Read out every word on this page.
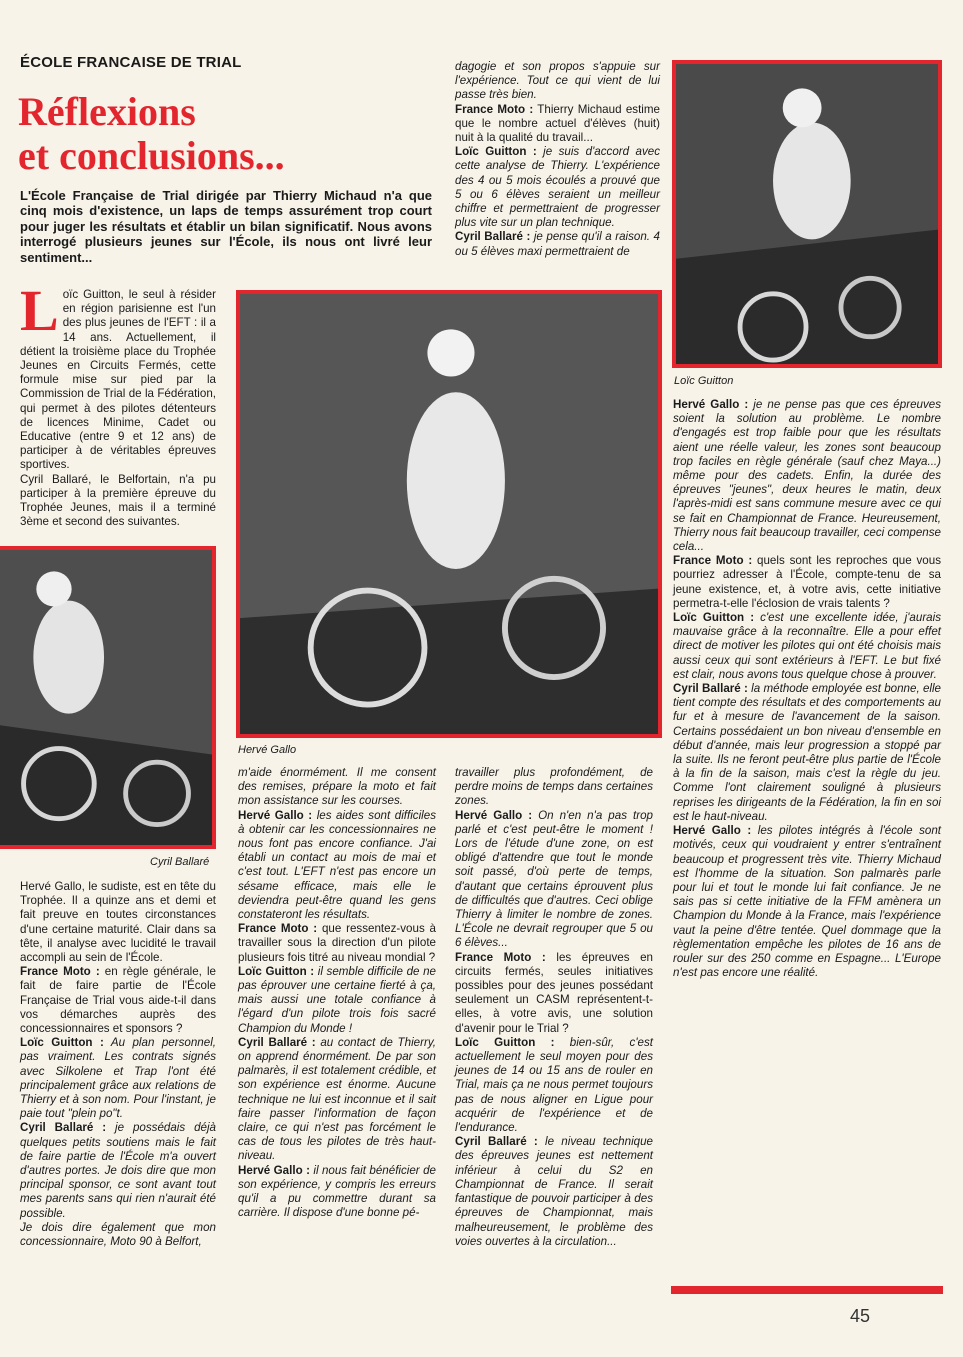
ÉCOLE FRANCAISE DE TRIAL
Réflexions
et conclusions...
L'École Française de Trial dirigée par Thierry Michaud n'a que cinq mois d'existence, un laps de temps assurément trop court pour juger les résultats et établir un bilan significatif. Nous avons interrogé plusieurs jeunes sur l'École, ils nous ont livré leur sentiment...
Loïc Guitton
Hervé Gallo
Cyril Ballaré

Loïc Guitton, le seul à résider en région parisienne est l'un des plus jeunes de l'EFT : il a 14 ans. Actuellement, il détient la troisième place du Trophée Jeunes en Circuits Fermés, cette formule mise sur pied par la Commission de Trial de la Fédération, qui permet à des pilotes détenteurs de licences Minime, Cadet ou Educative (entre 9 et 12 ans) de participer à de véritables épreuves sportives.

Cyril Ballaré, le Belfortain, n'a pu participer à la première épreuve du Trophée Jeunes, mais il a terminé 3ème et second des suivantes.

Hervé Gallo, le sudiste, est en tête du Trophée. Il a quinze ans et demi et fait preuve en toutes circonstances d'une certaine maturité. Clair dans sa tête, il analyse avec lucidité le travail accompli au sein de l'École.

France Moto : en règle générale, le fait de faire partie de l'École Française de Trial vous aide-t-il dans vos démarches auprès des concessionnaires et sponsors ?

Loïc Guitton : Au plan personnel, pas vraiment. Les contrats signés avec Silkolene et Trap l'ont été principalement grâce aux relations de Thierry et à son nom. Pour l'instant, je paie tout "plein po"t.

Cyril Ballaré : je possédais déjà quelques petits soutiens mais le fait de faire partie de l'École m'a ouvert d'autres portes. Je dois dire que mon principal sponsor, ce sont avant tout mes parents sans qui rien n'aurait été possible.

Je dois dire également que mon concessionnaire, Moto 90 à Belfort,

m'aide énormément. Il me consent des remises, prépare la moto et fait mon assistance sur les courses.

Hervé Gallo : les aides sont difficiles à obtenir car les concessionnaires ne nous font pas encore confiance. J'ai établi un contact au mois de mai et c'est tout. L'EFT n'est pas encore un sésame efficace, mais elle le deviendra peut-être quand les gens constateront les résultats.

France Moto : que ressentez-vous à travailler sous la direction d'un pilote plusieurs fois titré au niveau mondial ?

Loïc Guitton : il semble difficile de ne pas éprouver une certaine fierté à ça, mais aussi une totale confiance à l'égard d'un pilote trois fois sacré Champion du Monde !

Cyril Ballaré : au contact de Thierry, on apprend énormément. De par son palmarès, il est totalement crédible, et son expérience est énorme. Aucune technique ne lui est inconnue et il sait faire passer l'information de façon claire, ce qui n'est pas forcément le cas de tous les pilotes de très haut-niveau.

Hervé Gallo : il nous fait bénéficier de son expérience, y compris les erreurs qu'il a pu commettre durant sa carrière. Il dispose d'une bonne pé-

dagogie et son propos s'appuie sur l'expérience. Tout ce qui vient de lui passe très bien.

France Moto : Thierry Michaud estime que le nombre actuel d'élèves (huit) nuit à la qualité du travail...

Loïc Guitton : je suis d'accord avec cette analyse de Thierry. L'expérience des 4 ou 5 mois écoulés a prouvé que 5 ou 6 élèves seraient un meilleur chiffre et permettraient de progresser plus vite sur un plan technique.

Cyril Ballaré : je pense qu'il a raison. 4 ou 5 élèves maxi permettraient de

travailler plus profondément, de perdre moins de temps dans certaines zones.

Hervé Gallo : On n'en n'a pas trop parlé et c'est peut-être le moment ! Lors de l'étude d'une zone, on est obligé d'attendre que tout le monde soit passé, d'où perte de temps, d'autant que certains éprouvent plus de difficultés que d'autres. Ceci oblige Thierry à limiter le nombre de zones. L'École ne devrait regrouper que 5 ou 6 élèves...

France Moto : les épreuves en circuits fermés, seules initiatives possibles pour des jeunes possédant seulement un CASM représentent-t-elles, à votre avis, une solution d'avenir pour le Trial ?

Loïc Guitton : bien-sûr, c'est actuellement le seul moyen pour des jeunes de 14 ou 15 ans de rouler en Trial, mais ça ne nous permet toujours pas de nous aligner en Ligue pour acquérir de l'expérience et de l'endurance.

Cyril Ballaré : le niveau technique des épreuves jeunes est nettement inférieur à celui du S2 en Championnat de France. Il serait fantastique de pouvoir participer à des épreuves de Championnat, mais malheureusement, le problème des voies ouvertes à la circulation...

Hervé Gallo : je ne pense pas que ces épreuves soient la solution au problème. Le nombre d'engagés est trop faible pour que les résultats aient une réelle valeur, les zones sont beaucoup trop faciles en règle générale (sauf chez Maya...) même pour des cadets. Enfin, la durée des épreuves "jeunes", deux heures le matin, deux l'après-midi est sans commune mesure avec ce qui se fait en Championnat de France. Heureusement, Thierry nous fait beaucoup travailler, ceci compense cela...

France Moto : quels sont les reproches que vous pourriez adresser à l'École, compte-tenu de sa jeune existence, et, à votre avis, cette initiative permetra-t-elle l'éclosion de vrais talents ?

Loïc Guitton : c'est une excellente idée, j'aurais mauvaise grâce à la reconnaître. Elle a pour effet direct de motiver les pilotes qui ont été choisis mais aussi ceux qui sont extérieurs à l'EFT. Le but fixé est clair, nous avons tous quelque chose à prouver.

Cyril Ballaré : la méthode employée est bonne, elle tient compte des résultats et des comportements au fur et à mesure de l'avancement de la saison. Certains possédaient un bon niveau d'ensemble en début d'année, mais leur progression a stoppé par la suite. Ils ne feront peut-être plus partie de l'École à la fin de la saison, mais c'est la règle du jeu. Comme l'ont clairement souligné à plusieurs reprises les dirigeants de la Fédération, la fin en soi est le haut-niveau.

Hervé Gallo : les pilotes intégrés à l'école sont motivés, ceux qui voudraient y entrer s'entraînent beaucoup et progressent très vite. Thierry Michaud est l'homme de la situation. Son palmarès parle pour lui et tout le monde lui fait confiance. Je ne sais pas si cette initiative de la FFM amènera un Champion du Monde à la France, mais l'expérience vaut la peine d'être tentée. Quel dommage que la règlementation empêche les pilotes de 16 ans de rouler sur des 250 comme en Espagne... L'Europe n'est pas encore une réalité.

45
